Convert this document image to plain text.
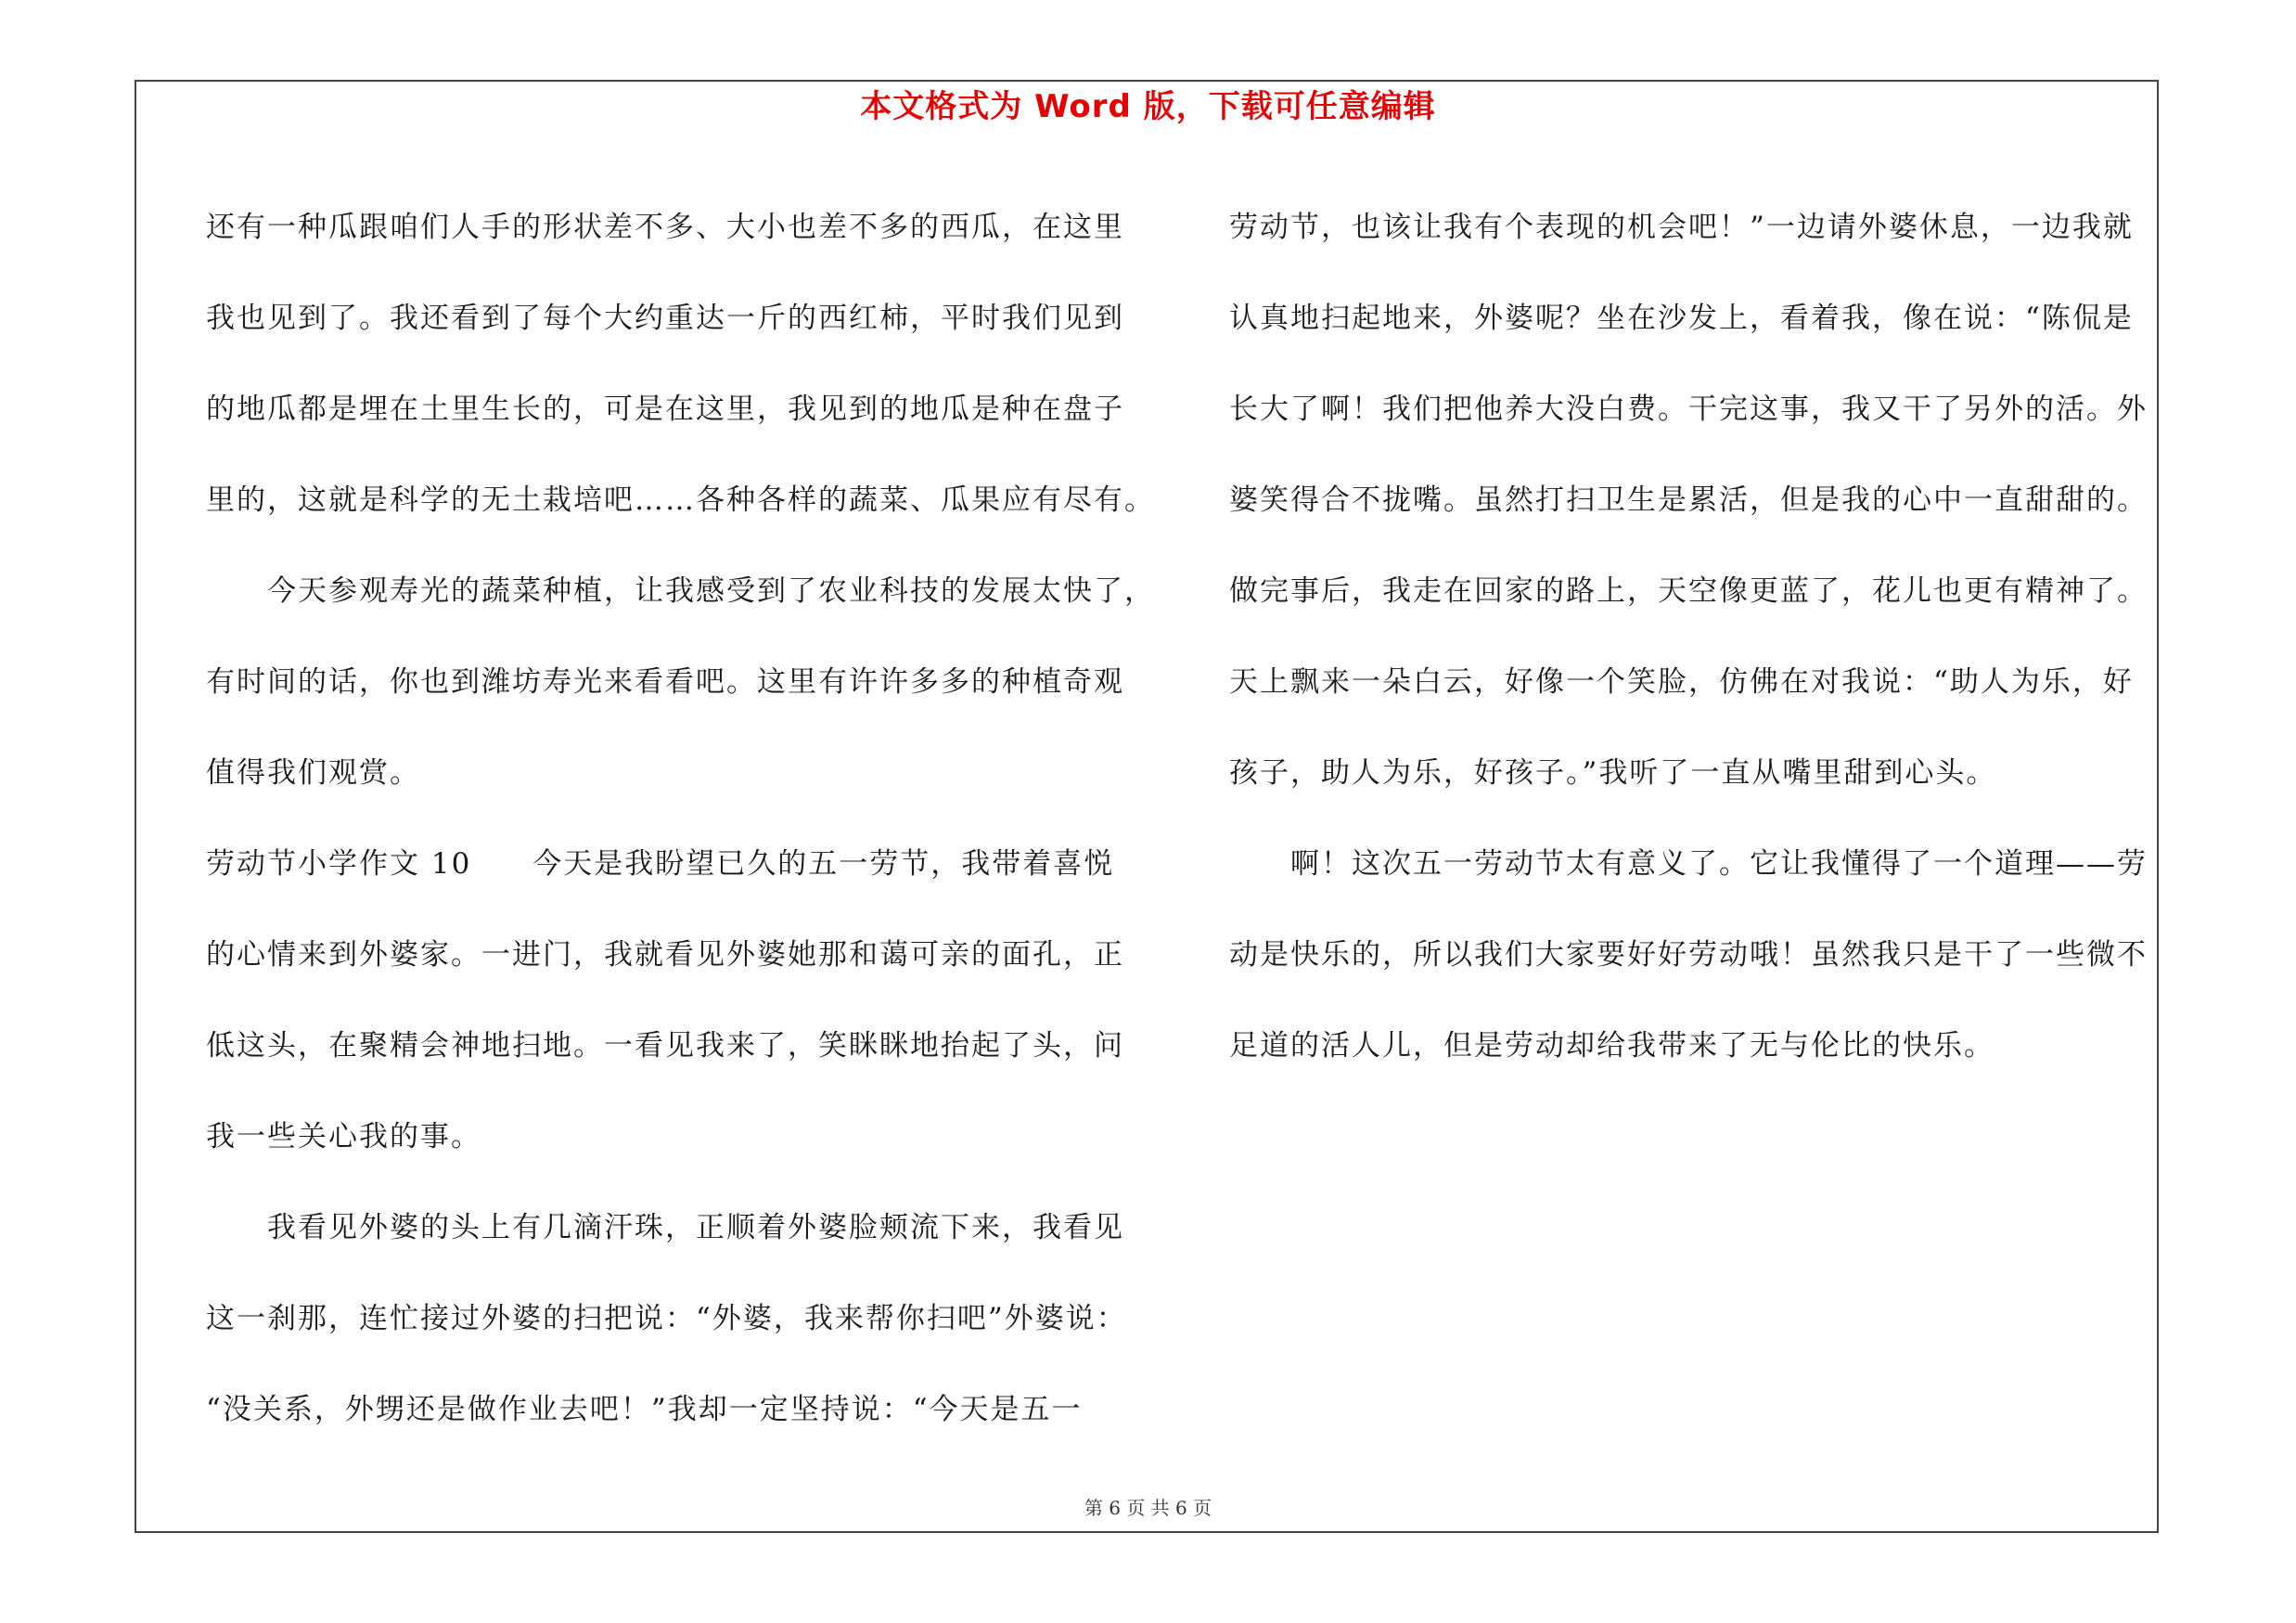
本文格式为 Word 版，下载可任意编辑
还有一种瓜跟咱们人手的形状差不多、大小也差不多的西瓜，在这里
我也见到了。我还看到了每个大约重达一斤的西红柿，平时我们见到
的地瓜都是埋在土里生长的，可是在这里，我见到的地瓜是种在盘子
里的，这就是科学的无土栽培吧……各种各样的蔬菜、瓜果应有尽有。
　　今天参观寿光的蔬菜种植，让我感受到了农业科技的发展太快了，
有时间的话，你也到潍坊寿光来看看吧。这里有许许多多的种植奇观
值得我们观赏。
劳动节小学作文 10　　今天是我盼望已久的五一劳节，我带着喜悦
的心情来到外婆家。一进门，我就看见外婆她那和蔼可亲的面孔，正
低这头，在聚精会神地扫地。一看见我来了，笑眯眯地抬起了头，问
我一些关心我的事。
　　我看见外婆的头上有几滴汗珠，正顺着外婆脸颊流下来，我看见
这一刹那，连忙接过外婆的扫把说：“外婆，我来帮你扫吧”外婆说：
“没关系，外甥还是做作业去吧！”我却一定坚持说：“今天是五一
劳动节，也该让我有个表现的机会吧！”一边请外婆休息，一边我就
认真地扫起地来，外婆呢？坐在沙发上，看着我，像在说：“陈侃是
长大了啊！我们把他养大没白费。干完这事，我又干了另外的活。外
婆笑得合不拢嘴。虽然打扫卫生是累活，但是我的心中一直甜甜的。
做完事后，我走在回家的路上，天空像更蓝了，花儿也更有精神了。
天上飘来一朵白云，好像一个笑脸，仿佛在对我说：“助人为乐，好
孩子，助人为乐，好孩子。”我听了一直从嘴里甜到心头。
　　啊！这次五一劳动节太有意义了。它让我懂得了一个道理——劳
动是快乐的，所以我们大家要好好劳动哦！虽然我只是干了一些微不
足道的活人儿，但是劳动却给我带来了无与伦比的快乐。
第 6 页 共 6 页
